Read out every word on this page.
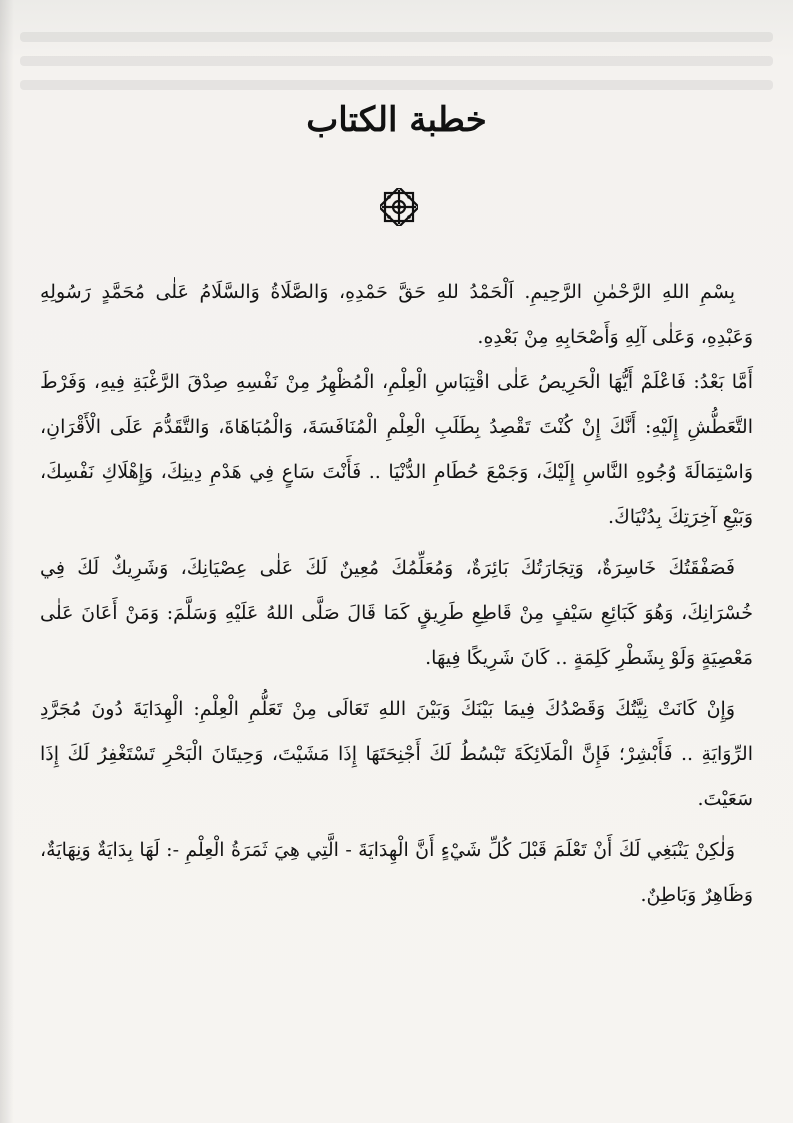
خطبة الكتاب

بِسْمِ اللهِ الرَّحْمٰنِ الرَّحِيمِ. اَلْحَمْدُ للهِ حَقَّ حَمْدِهِ، وَالصَّلَاةُ وَالسَّلَامُ عَلٰى مُحَمَّدٍ رَسُولِهِ وَعَبْدِهِ، وَعَلٰى آلِهِ وَأَصْحَابِهِ مِنْ بَعْدِهِ.

أَمَّا بَعْدُ: فَاعْلَمْ أَيُّهَا الْحَرِيصُ عَلٰى اقْتِبَاسِ الْعِلْمِ، الْمُظْهِرُ مِنْ نَفْسِهِ صِدْقَ الرَّغْبَةِ فِيهِ، وَفَرْطَ التَّعَطُّشِ إِلَيْهِ: أَنَّكَ إِنْ كُنْتَ تَقْصِدُ بِطَلَبِ الْعِلْمِ الْمُنَافَسَةَ، وَالْمُبَاهَاةَ، وَالتَّقَدُّمَ عَلَى الْأَقْرَانِ، وَاسْتِمَالَةَ وُجُوهِ النَّاسِ إِلَيْكَ، وَجَمْعَ حُطَامِ الدُّنْيَا .. فَأَنْتَ سَاعٍ فِي هَدْمِ دِينِكَ، وَإِهْلَاكِ نَفْسِكَ، وَبَيْعِ آخِرَتِكَ بِدُنْيَاكَ.

فَصَفْقَتُكَ خَاسِرَةٌ، وَتِجَارَتُكَ بَائِرَةٌ، وَمُعَلِّمُكَ مُعِينٌ لَكَ عَلٰى عِصْيَانِكَ، وَشَرِيكٌ لَكَ فِي خُسْرَانِكَ، وَهُوَ كَبَائِعِ سَيْفٍ مِنْ قَاطِعِ طَرِيقٍ كَمَا قَالَ صَلَّى اللهُ عَلَيْهِ وَسَلَّمَ: وَمَنْ أَعَانَ عَلٰى مَعْصِيَةٍ وَلَوْ بِشَطْرِ كَلِمَةٍ .. كَانَ شَرِيكًا فِيهَا.

وَإِنْ كَانَتْ نِيَّتُكَ وَقَصْدُكَ فِيمَا بَيْنَكَ وَبَيْنَ اللهِ تَعَالَى مِنْ تَعَلُّمِ الْعِلْمِ: الْهِدَايَةَ دُونَ مُجَرَّدِ الرِّوَايَةِ .. فَأَبْشِرْ؛ فَإِنَّ الْمَلَائِكَةَ تَبْسُطُ لَكَ أَجْنِحَتَهَا إِذَا مَشَيْتَ، وَحِيتَانَ الْبَحْرِ تَسْتَغْفِرُ لَكَ إِذَا سَعَيْتَ.

وَلٰكِنْ يَنْبَغِي لَكَ أَنْ تَعْلَمَ قَبْلَ كُلِّ شَيْءٍ أَنَّ الْهِدَايَةَ - الَّتِي هِيَ ثَمَرَةُ الْعِلْمِ -: لَهَا بِدَايَةٌ وَنِهَايَةٌ، وَظَاهِرٌ وَبَاطِنٌ.
